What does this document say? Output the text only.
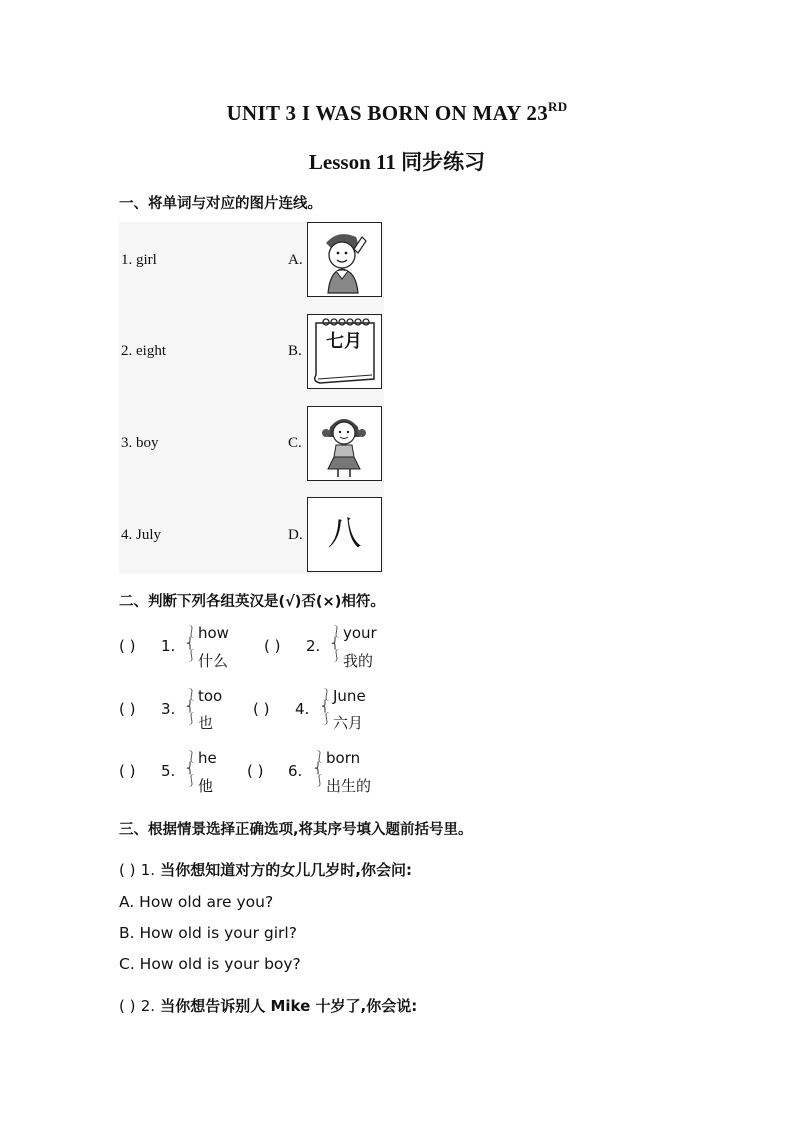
UNIT 3 I WAS BORN ON MAY 23RD
Lesson 11 同步练习
一、将单词与对应的图片连线。
1. girl
2. eight
3. boy
4. July
A.
B.
C.
D.
七月
八
二、判断下列各组英汉是(√)否(×)相符。
( ) 1.
⎱
⎨
⎰
how
什么
( ) 2.
⎱
⎨
⎰
your
我的
( ) 3.
⎱
⎨
⎰
too
也
( ) 4.
⎱
⎨
⎰
June
六月
( ) 5.
⎱
⎨
⎰
he
他
( ) 6.
⎱
⎨
⎰
born
出生的
三、根据情景选择正确选项,将其序号填入题前括号里。
( ) 1. 当你想知道对方的女儿几岁时,你会问:
A. How old are you?
B. How old is your girl?
C. How old is your boy?
( ) 2. 当你想告诉别人 Mike 十岁了,你会说:
